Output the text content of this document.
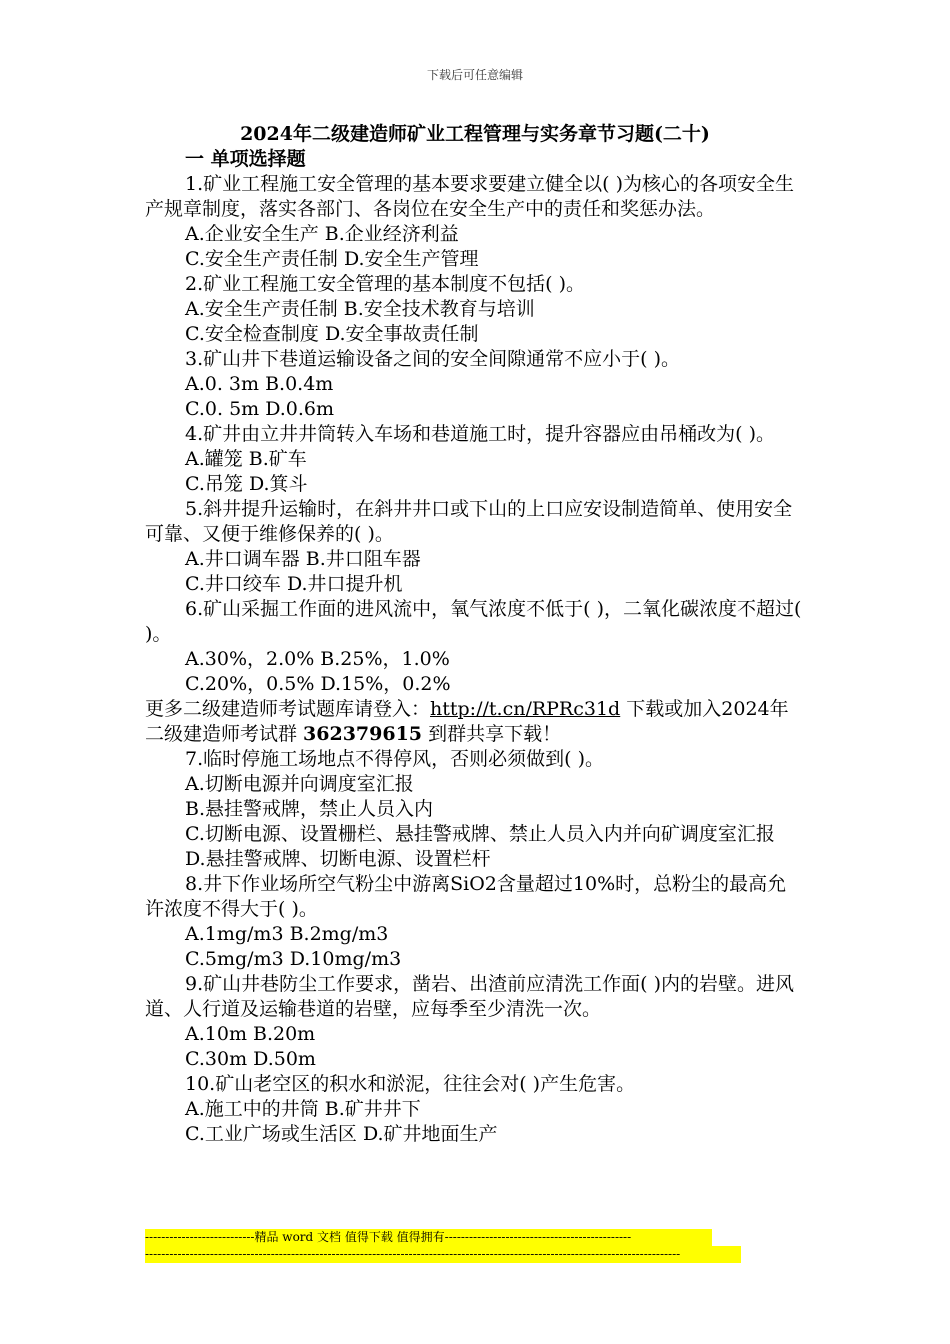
下载后可任意编辑

2024年二级建造师矿业工程管理与实务章节习题(二十)

一 单项选择题

1.矿业工程施工安全管理的基本要求要建立健全以( )为核心的各项安全生产规章制度，落实各部门、各岗位在安全生产中的责任和奖惩办法。

A.企业安全生产 B.企业经济利益

C.安全生产责任制 D.安全生产管理

2.矿业工程施工安全管理的基本制度不包括( )。

A.安全生产责任制 B.安全技术教育与培训

C.安全检查制度 D.安全事故责任制

3.矿山井下巷道运输设备之间的安全间隙通常不应小于( )。

A.0. 3m B.0.4m

C.0. 5m D.0.6m

4.矿井由立井井筒转入车场和巷道施工时，提升容器应由吊桶改为( )。

A.罐笼 B.矿车

C.吊笼 D.箕斗

5.斜井提升运输时，在斜井井口或下山的上口应安设制造简单、使用安全可靠、又便于维修保养的( )。

A.井口调车器 B.井口阻车器

C.井口绞车 D.井口提升机

6.矿山采掘工作面的进风流中，氧气浓度不低于( )，二氧化碳浓度不超过( )。

A.30%，2.0% B.25%，1.0%

C.20%，0.5% D.15%，0.2%

更多二级建造师考试题库请登入：http://t.cn/RPRc31d 下载或加入2024年二级建造师考试群 362379615 到群共享下载！

7.临时停施工场地点不得停风，否则必须做到( )。

A.切断电源并向调度室汇报

B.悬挂警戒牌，禁止人员入内

C.切断电源、设置栅栏、悬挂警戒牌、禁止人员入内并向矿调度室汇报

D.悬挂警戒牌、切断电源、设置栏杆

8.井下作业场所空气粉尘中游离SiO2含量超过10%时，总粉尘的最高允许浓度不得大于( )。

A.1mg/m3 B.2mg/m3

C.5mg/m3 D.10mg/m3

9.矿山井巷防尘工作要求，凿岩、出渣前应清洗工作面( )内的岩壁。进风道、人行道及运输巷道的岩壁，应每季至少清洗一次。

A.10m B.20m

C.30m D.50m

10.矿山老空区的积水和淤泥，往往会对( )产生危害。

A.施工中的井筒 B.矿井井下

C.工业广场或生活区 D.矿井地面生产

---------------------------精品 word 文档 值得下载 值得拥有----------------------------------------------
------------------------------------------------------------------------------------------------------------------------------------
